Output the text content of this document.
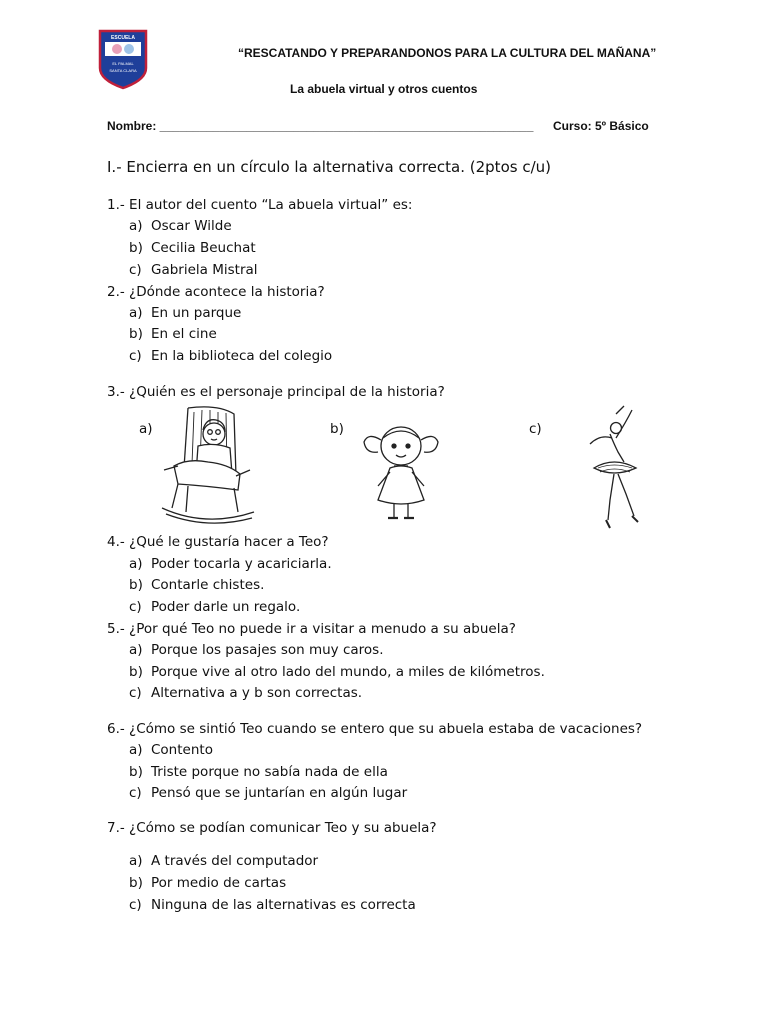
ESCUELA
EL PALMAL
SANTA CLARA
“RESCATANDO Y PREPARANDONOS PARA LA CULTURA DEL MAÑANA”
La abuela virtual y otros cuentos
Nombre: ________________________________________________________ Curso: 5º Básico
I.- Encierra en un círculo la alternativa correcta. (2ptos c/u)
1.- El autor del cuento “La abuela virtual” es:
a) Oscar Wilde
b) Cecilia Beuchat
c) Gabriela Mistral
2.- ¿Dónde acontece la historia?
a) En un parque
b) En el cine
c) En la biblioteca del colegio
3.- ¿Quién es el personaje principal de la historia?
a)	b)	c)
4.- ¿Qué le gustaría hacer a Teo?
a) Poder tocarla y acariciarla.
b) Contarle chistes.
c) Poder darle un regalo.
5.- ¿Por qué Teo no puede ir a visitar a menudo a su abuela?
a) Porque los pasajes son muy caros.
b) Porque vive al otro lado del mundo, a miles de kilómetros.
c) Alternativa a y b son correctas.
6.- ¿Cómo se sintió Teo cuando se entero que su abuela estaba de vacaciones?
a) Contento
b) Triste porque no sabía nada de ella
c) Pensó que se juntarían en algún lugar
7.- ¿Cómo se podían comunicar Teo y su abuela?
a) A través del computador
b) Por medio de cartas
c) Ninguna de las alternativas es correcta
